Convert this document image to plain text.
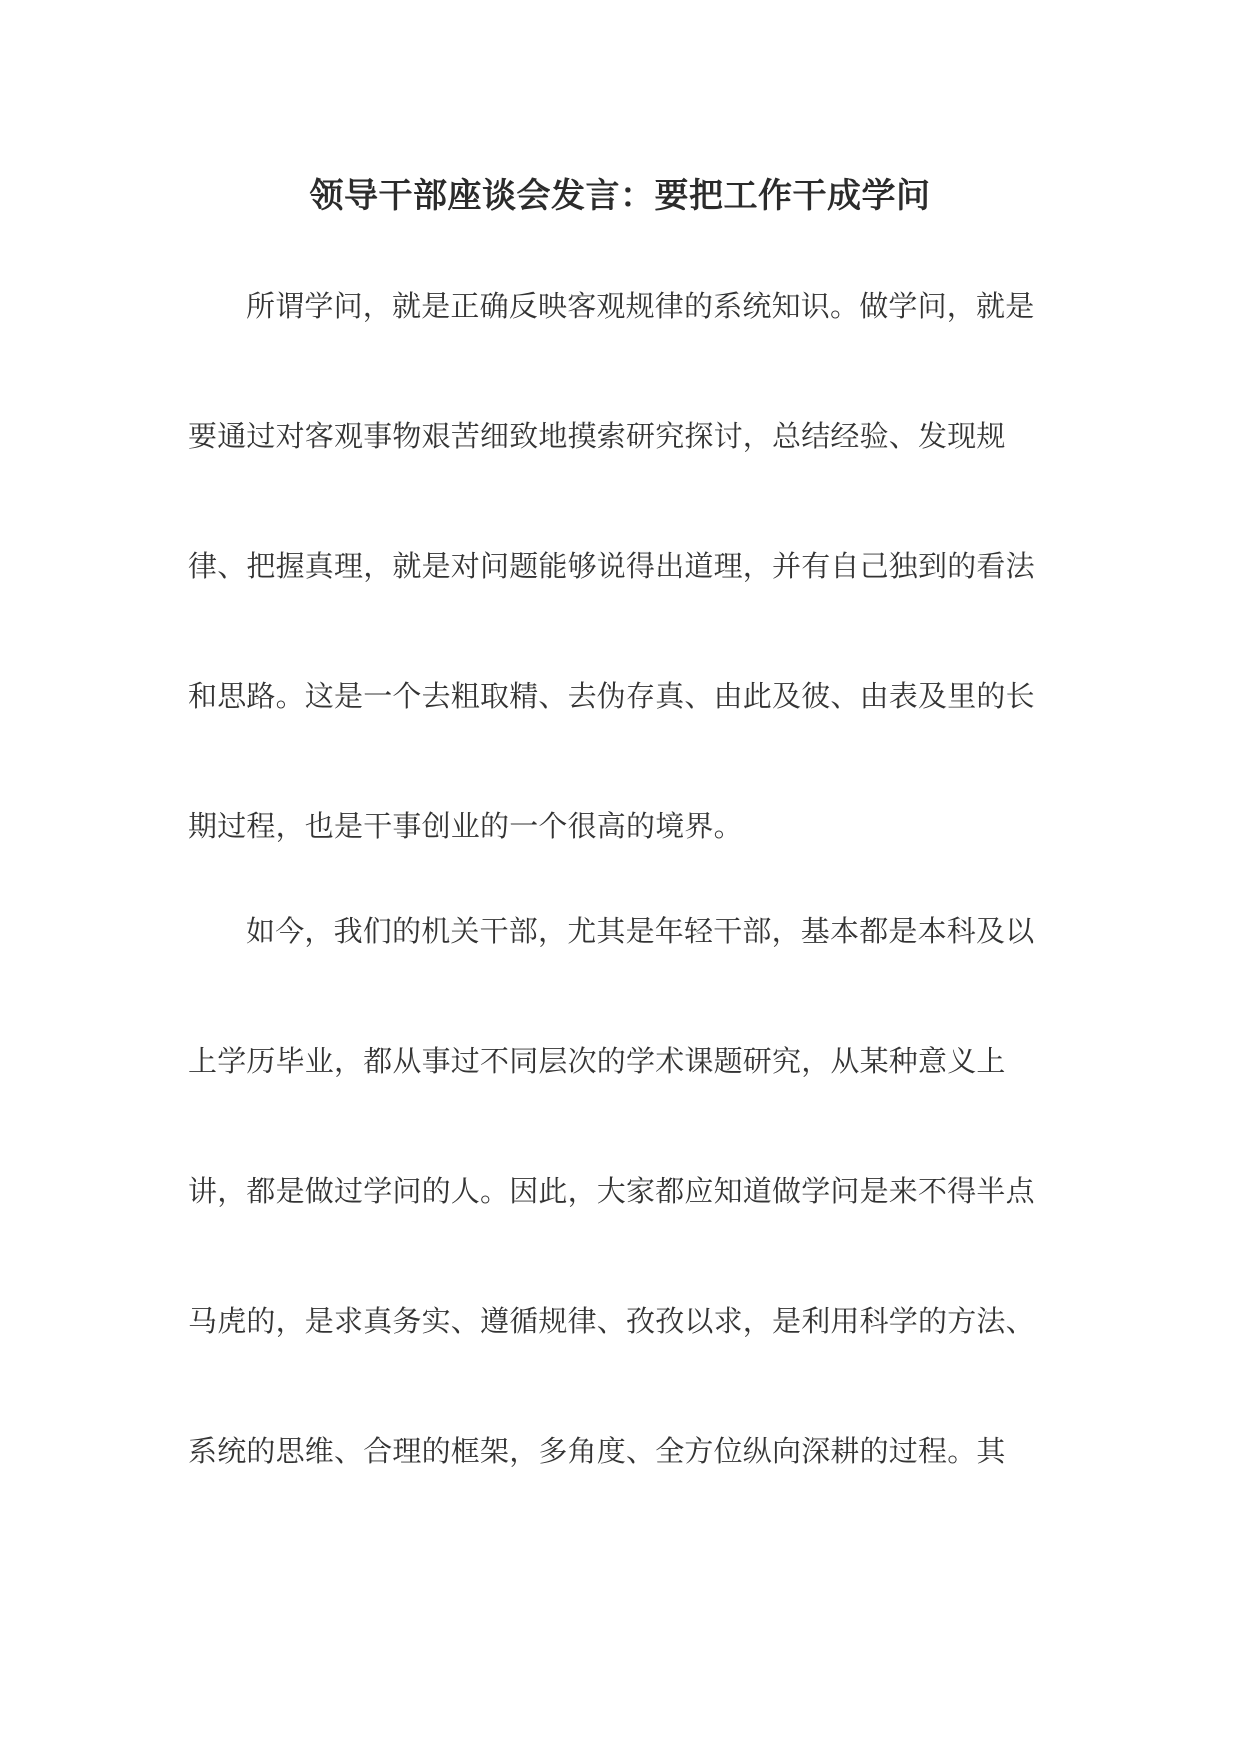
领导干部座谈会发言：要把工作干成学问
所谓学问，就是正确反映客观规律的系统知识。做学问，就是
要通过对客观事物艰苦细致地摸索研究探讨，总结经验、发现规
律、把握真理，就是对问题能够说得出道理，并有自己独到的看法
和思路。这是一个去粗取精、去伪存真、由此及彼、由表及里的长
期过程，也是干事创业的一个很高的境界。
如今，我们的机关干部，尤其是年轻干部，基本都是本科及以
上学历毕业，都从事过不同层次的学术课题研究，从某种意义上
讲，都是做过学问的人。因此，大家都应知道做学问是来不得半点
马虎的，是求真务实、遵循规律、孜孜以求，是利用科学的方法、
系统的思维、合理的框架，多角度、全方位纵向深耕的过程。其
